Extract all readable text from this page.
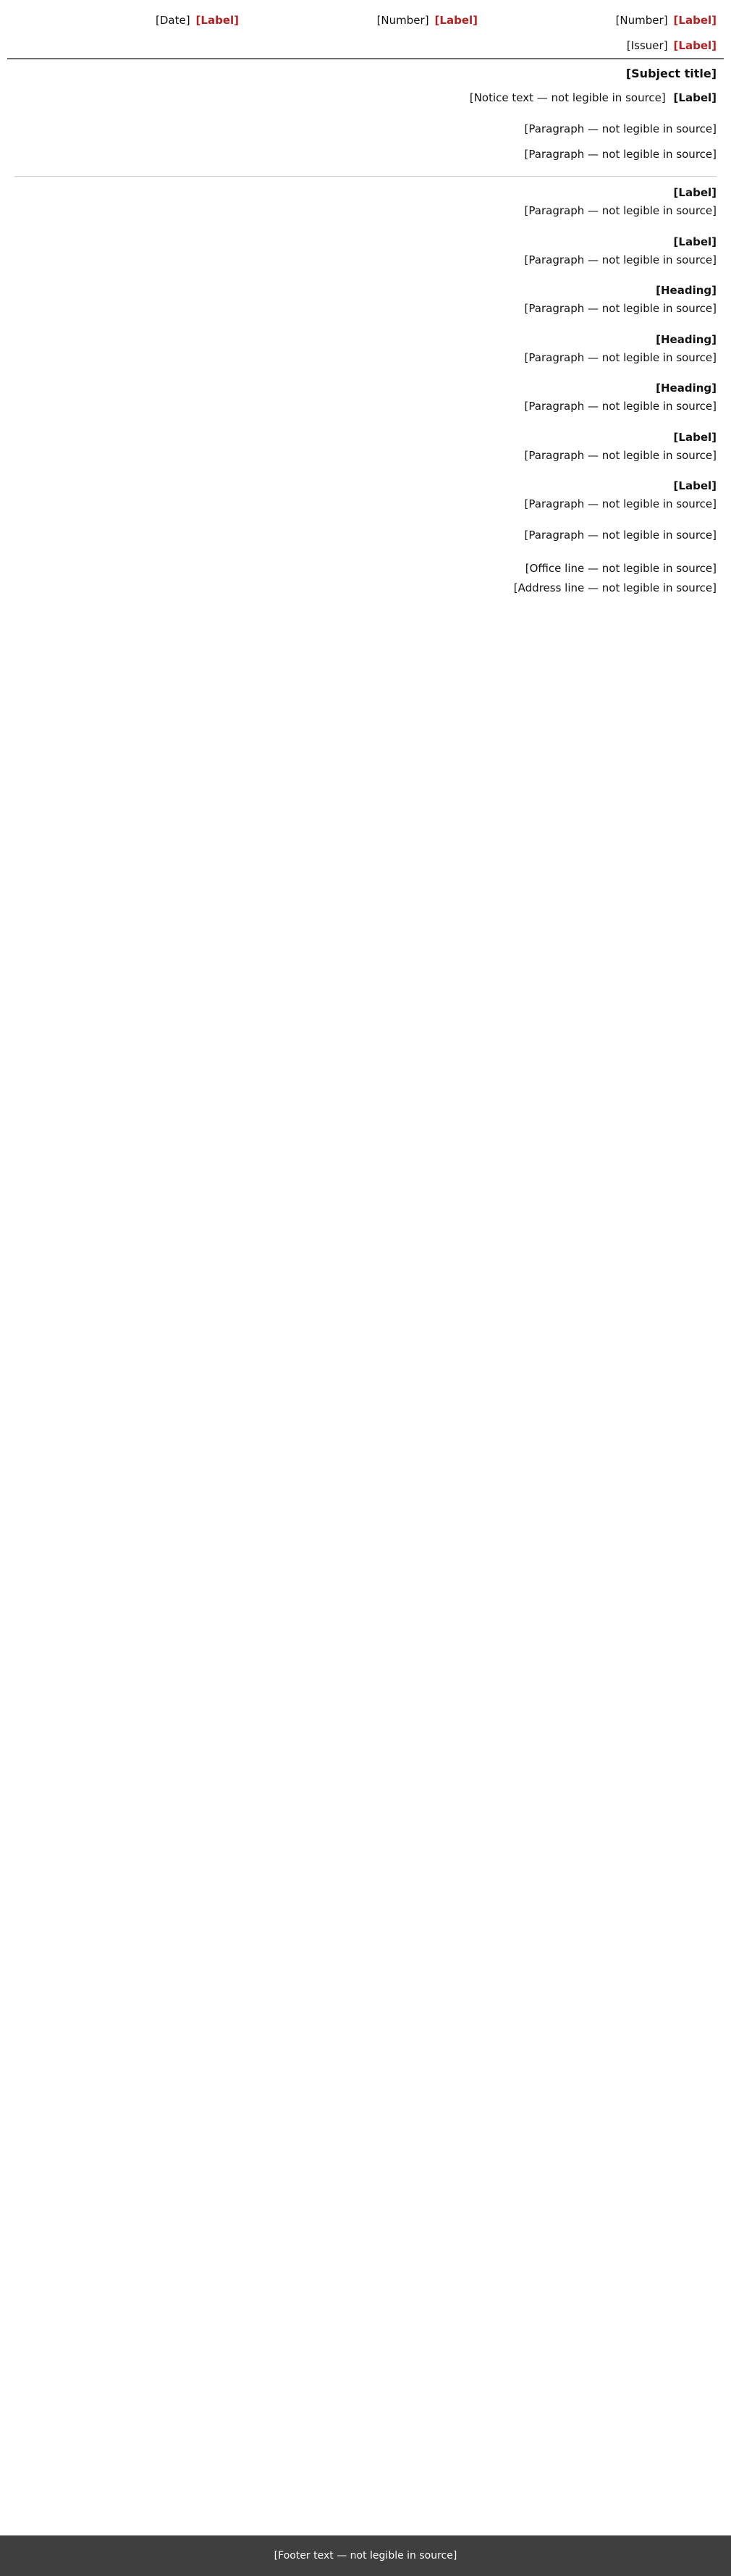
[Label]
[Number]
[Label]
[Number]
[Label]
[Date]
[Label]
[Issuer]
[Subject title]
[Label] [Notice text — not legible in source]
[Paragraph — not legible in source]
[Paragraph — not legible in source]
[Label]
[Paragraph — not legible in source]
[Label]
[Paragraph — not legible in source]
[Heading]
[Paragraph — not legible in source]
[Heading]
[Paragraph — not legible in source]
[Heading]
[Paragraph — not legible in source]
[Label]
[Paragraph — not legible in source]
[Label]
[Paragraph — not legible in source]
[Paragraph — not legible in source]
[Office line — not legible in source]
[Address line — not legible in source]
[Footer text — not legible in source]
